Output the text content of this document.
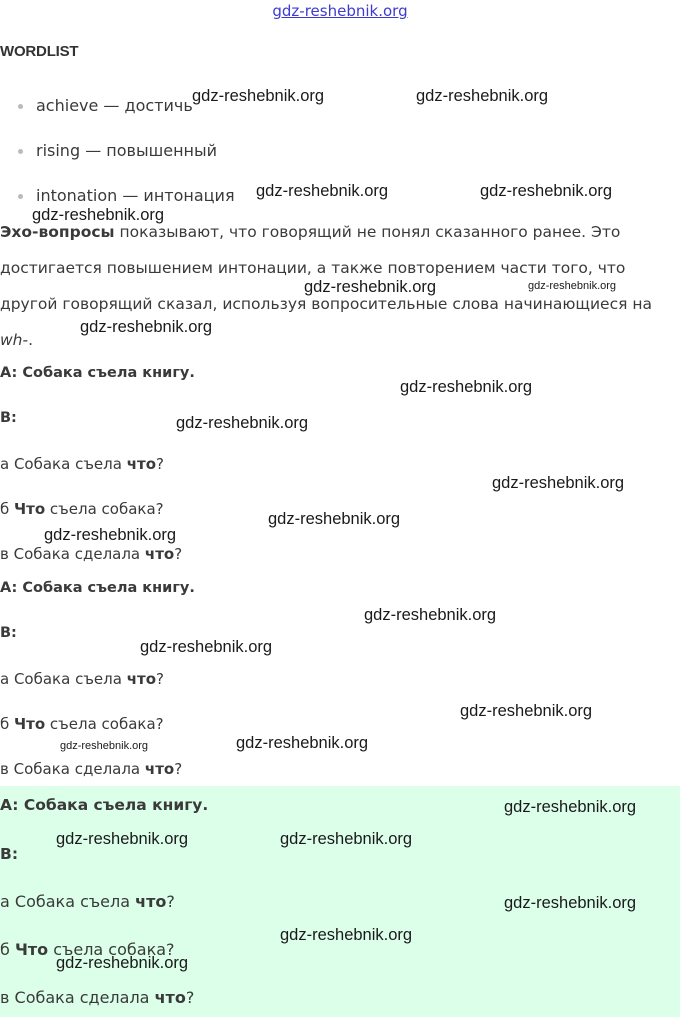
gdz-reshebnik.org
WORDLIST
achieve — достичь
rising — повышенный
intonation — интонация
Эхо-вопросы показывают, что говорящий не понял сказанного ранее. Это достигается повышением интонации, а также повторением части того, что другой говорящий сказал, используя вопросительные слова начинающиеся на wh-.
A: Собака съела книгу.
B:
а Собака съела что?
б Что съела собака?
в Собака сделала что?
A: Собака съела книгу.
B:
а Собака съела что?
б Что съела собака?
в Собака сделала что?
A: Собака съела книгу.
B:
а Собака съела что?
б Что съела собака?
в Собака сделала что?
gdz-reshebnik.org	gdz-reshebnik.org
gdz-reshebnik.org	gdz-reshebnik.org
gdz-reshebnik.org
gdz-reshebnik.org	gdz-reshebnik.org
gdz-reshebnik.org
gdz-reshebnik.org
gdz-reshebnik.org
gdz-reshebnik.org
gdz-reshebnik.org
gdz-reshebnik.org
gdz-reshebnik.org
gdz-reshebnik.org
gdz-reshebnik.org
gdz-reshebnik.org
gdz-reshebnik.org
gdz-reshebnik.org
gdz-reshebnik.org	gdz-reshebnik.org
gdz-reshebnik.org
gdz-reshebnik.org
gdz-reshebnik.org
